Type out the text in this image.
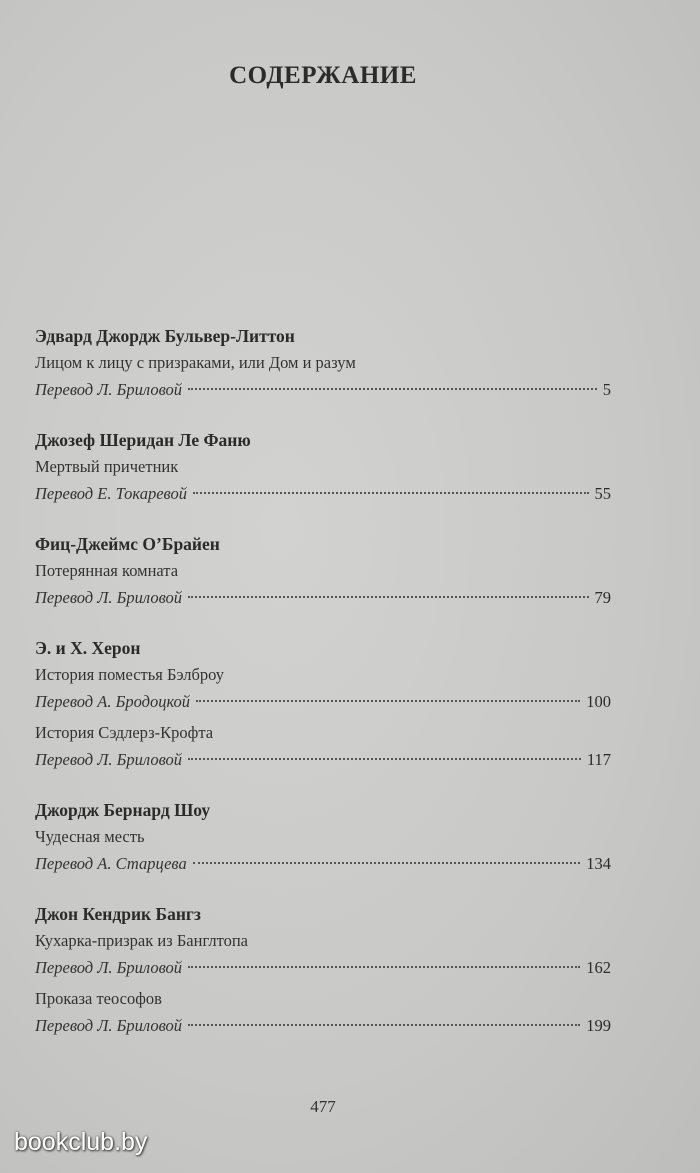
СОДЕРЖАНИЕ
Эдвард Джордж Бульвер-Литтон
Лицом к лицу с призраками, или Дом и разум
Перевод Л. Бриловой	5
Джозеф Шеридан Ле Фаню
Мертвый причетник
Перевод Е. Токаревой	55
Фиц-Джеймс О’Брайен
Потерянная комната
Перевод Л. Бриловой	79
Э. и Х. Херон
История поместья Бэлброу
Перевод А. Бродоцкой	100
История Сэдлерз-Крофта
Перевод Л. Бриловой	117
Джордж Бернард Шоу
Чудесная месть
Перевод А. Старцева	134
Джон Кендрик Бангз
Кухарка-призрак из Банглтопа
Перевод Л. Бриловой	162
Проказа теософов
Перевод Л. Бриловой	199
477
bookclub.by
